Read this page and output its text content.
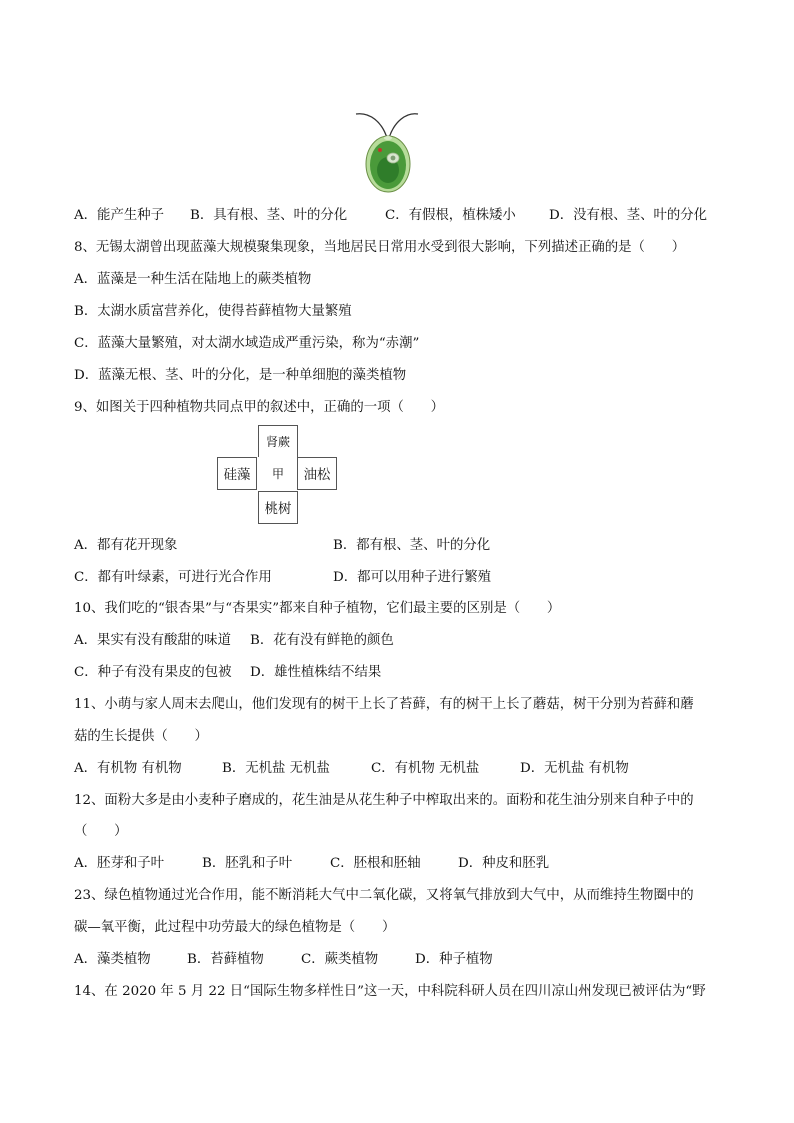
A．能产生种子 B．具有根、茎、叶的分化	C．有假根，植株矮小 D．没有根、茎、叶的分化
8、无锡太湖曾出现蓝藻大规模聚集现象，当地居民日常用水受到很大影响，下列描述正确的是（　　）
A．蓝藻是一种生活在陆地上的蕨类植物
B．太湖水质富营养化，使得苔藓植物大量繁殖
C．蓝藻大量繁殖，对太湖水域造成严重污染，称为“赤潮”
D．蓝藻无根、茎、叶的分化，是一种单细胞的藻类植物
9、如图关于四种植物共同点甲的叙述中，正确的一项（　　）
肾蕨
硅藻	甲	油松
桃树
A．都有花开现象	B．都有根、茎、叶的分化
C．都有叶绿素，可进行光合作用	D．都可以用种子进行繁殖
10、我们吃的“银杏果”与“杏果实”都来自种子植物，它们最主要的区别是（　　）
A．果实有没有酸甜的味道 B．花有没有鲜艳的颜色
C．种子有没有果皮的包被 D．雄性植株结不结果
11、小萌与家人周末去爬山，他们发现有的树干上长了苔藓，有的树干上长了蘑菇，树干分别为苔藓和蘑
菇的生长提供（　　）
A．有机物 有机物	B．无机盐 无机盐	C．有机物 无机盐	D．无机盐 有机物
12、面粉大多是由小麦种子磨成的，花生油是从花生种子中榨取出来的。面粉和花生油分别来自种子中的
（　　）
A．胚芽和子叶	B．胚乳和子叶	C．胚根和胚轴	D．种皮和胚乳
23、绿色植物通过光合作用，能不断消耗大气中二氧化碳，又将氧气排放到大气中，从而维持生物圈中的
碳—氧平衡，此过程中功劳最大的绿色植物是（　　）
A．藻类植物	B．苔藓植物	C．蕨类植物	D．种子植物
14、在 2020 年 5 月 22 日“国际生物多样性日”这一天，中科院科研人员在四川凉山州发现已被评估为“野
